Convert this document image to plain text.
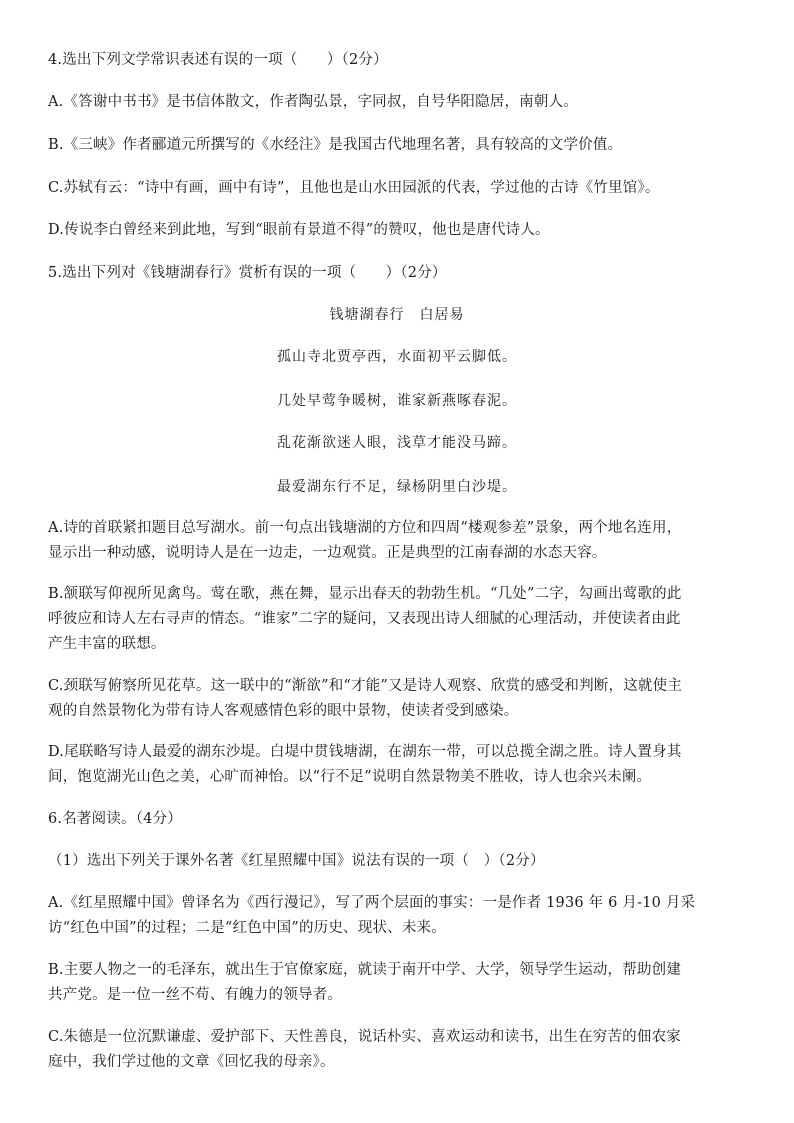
4.选出下列文学常识表述有误的一项（　　）（2分）
A.《答谢中书书》是书信体散文，作者陶弘景，字同叔，自号华阳隐居，南朝人。
B.《三峡》作者郦道元所撰写的《水经注》是我国古代地理名著，具有较高的文学价值。
C.苏轼有云：“诗中有画，画中有诗”，且他也是山水田园派的代表，学过他的古诗《竹里馆》。
D.传说李白曾经来到此地，写到“眼前有景道不得”的赞叹，他也是唐代诗人。
5.选出下列对《钱塘湖春行》赏析有误的一项（　　）（2分）
钱塘湖春行　白居易
孤山寺北贾亭西，水面初平云脚低。
几处早莺争暖树，谁家新燕啄春泥。
乱花渐欲迷人眼，浅草才能没马蹄。
最爱湖东行不足，绿杨阴里白沙堤。
A.诗的首联紧扣题目总写湖水。前一句点出钱塘湖的方位和四周“楼观参差”景象，两个地名连用，
显示出一种动感，说明诗人是在一边走，一边观赏。正是典型的江南春湖的水态天容。
B.颔联写仰视所见禽鸟。莺在歌，燕在舞，显示出春天的勃勃生机。“几处”二字，勾画出莺歌的此
呼彼应和诗人左右寻声的情态。“谁家”二字的疑问，又表现出诗人细腻的心理活动，并使读者由此
产生丰富的联想。
C.颈联写俯察所见花草。这一联中的“渐欲”和“才能”又是诗人观察、欣赏的感受和判断，这就使主
观的自然景物化为带有诗人客观感情色彩的眼中景物，使读者受到感染。
D.尾联略写诗人最爱的湖东沙堤。白堤中贯钱塘湖，在湖东一带，可以总揽全湖之胜。诗人置身其
间，饱览湖光山色之美，心旷而神怡。以“行不足”说明自然景物美不胜收，诗人也余兴未阑。
6.名著阅读。（4分）
（1）选出下列关于课外名著《红星照耀中国》说法有误的一项（　）（2分）
A.《红星照耀中国》曾译名为《西行漫记》，写了两个层面的事实：一是作者 1936 年 6 月-10 月采
访“红色中国”的过程；二是“红色中国”的历史、现状、未来。
B.主要人物之一的毛泽东，就出生于官僚家庭，就读于南开中学、大学，领导学生运动，帮助创建
共产党。是一位一丝不苟、有魄力的领导者。
C.朱德是一位沉默谦虚、爱护部下、天性善良，说话朴实、喜欢运动和读书，出生在穷苦的佃农家
庭中，我们学过他的文章《回忆我的母亲》。
